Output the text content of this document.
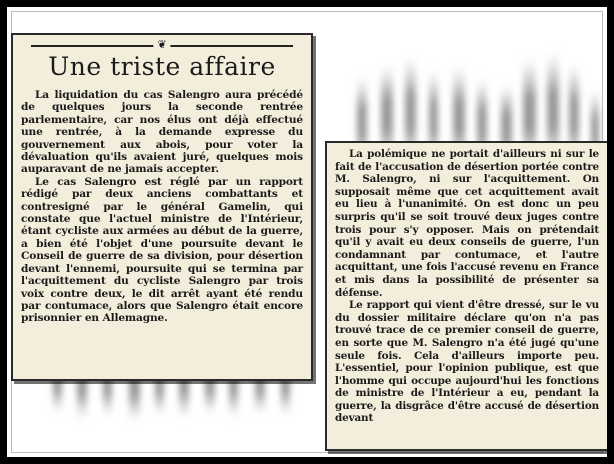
❦
Une triste affaire

La liquidation du cas Salengro aura précédé de quelques jours la seconde rentrée parlementaire, car nos élus ont déjà effectué une rentrée, à la demande expresse du gouvernement aux abois, pour voter la dévaluation qu'ils avaient juré, quelques mois auparavant de ne jamais accepter.

Le cas Salengro est réglé par un rapport rédigé par deux anciens combattants et contresigné par le général Gamelin, qui constate que l'actuel ministre de l'Intérieur, étant cycliste aux armées au début de la guerre, a bien été l'objet d'une poursuite devant le Conseil de guerre de sa division, pour désertion devant l'ennemi, poursuite qui se termina par l'acquittement du cycliste Salengro par trois voix contre deux, le dit arrêt ayant été rendu par contumace, alors que Salengro était encore prisonnier en Allemagne.

La polémique ne portait d'ailleurs ni sur le fait de l'accusation de désertion portée contre M. Salengro, ni sur l'acquittement. On supposait même que cet acquittement avait eu lieu à l'unanimité. On est donc un peu surpris qu'il se soit trouvé deux juges contre trois pour s'y opposer. Mais on prétendait qu'il y avait eu deux conseils de guerre, l'un condamnant par contumace, et l'autre acquittant, une fois l'accusé revenu en France et mis dans la possibilité de présenter sa défense.

Le rapport qui vient d'être dressé, sur le vu du dossier militaire déclare qu'on n'a pas trouvé trace de ce premier conseil de guerre, en sorte que M. Salengro n'a été jugé qu'une seule fois. Cela d'ailleurs importe peu. L'essentiel, pour l'opinion publique, est que l'homme qui occupe aujourd'hui les fonctions de ministre de l'Intérieur a eu, pendant la guerre, la disgrâce d'être accusé de désertion devant
